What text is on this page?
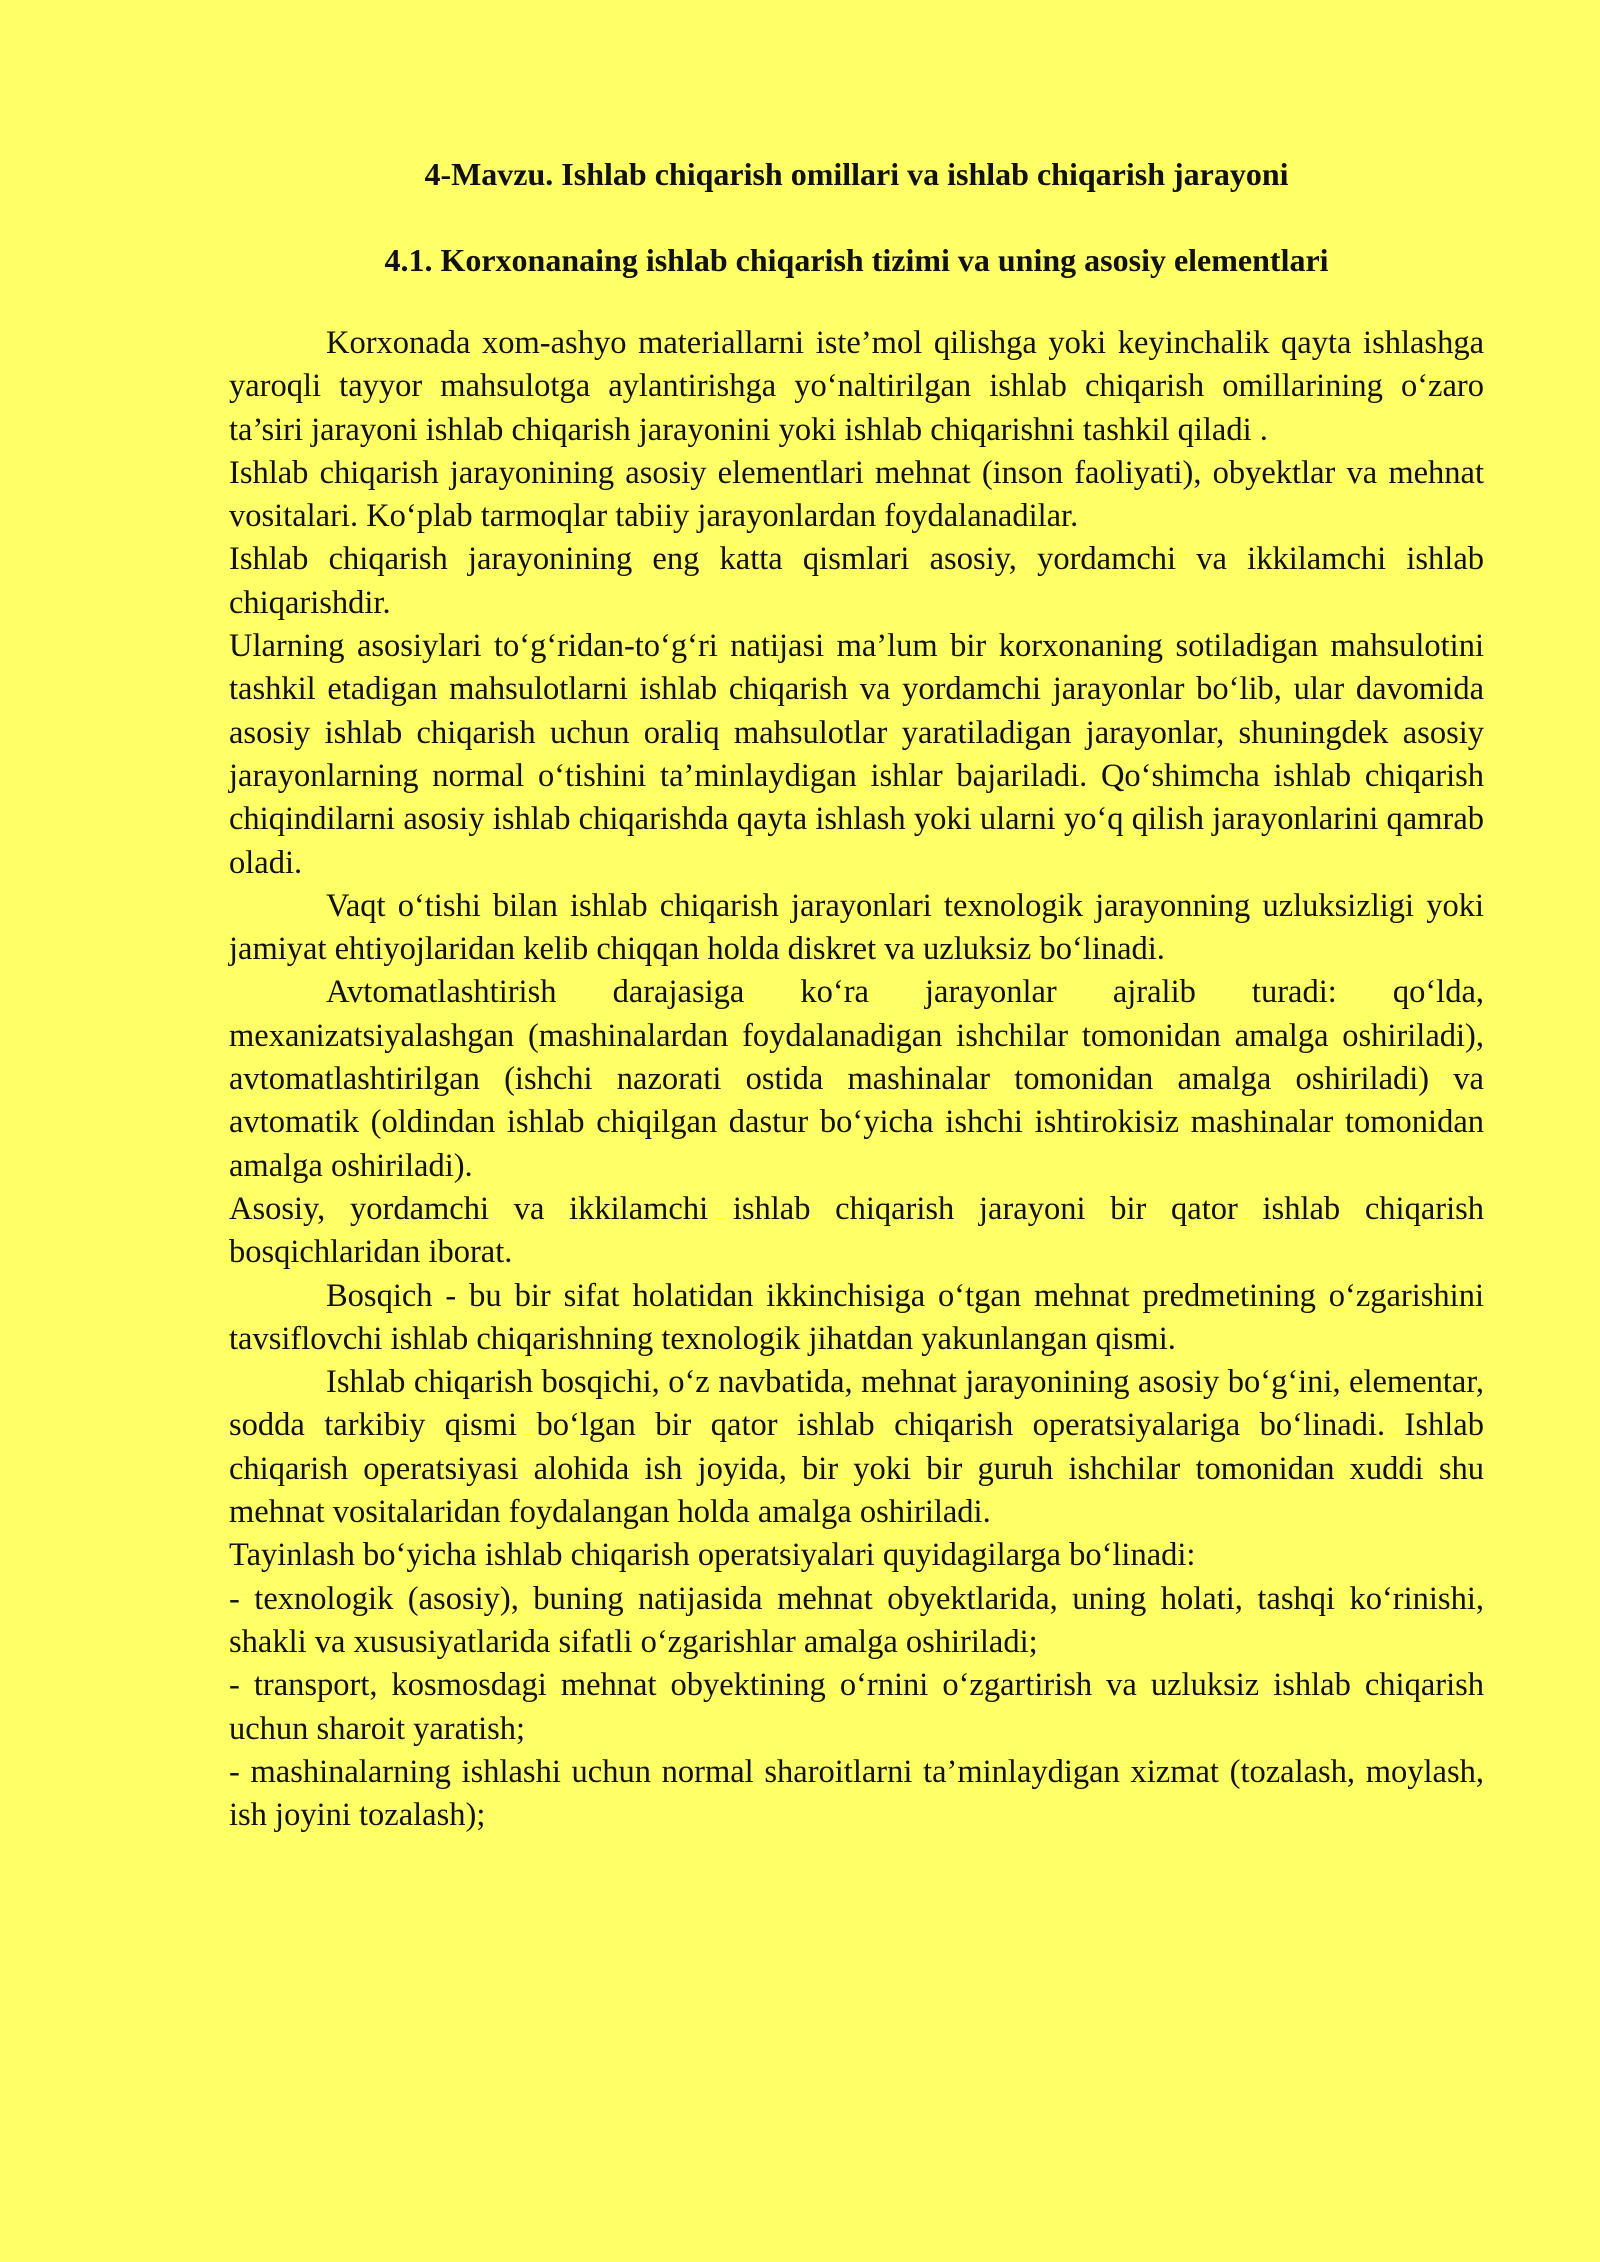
4-Mavzu. Ishlab chiqarish omillari va ishlab chiqarish jarayoni
4.1. Korxonanaing ishlab chiqarish tizimi va uning asosiy elementlari

Korxonada xom-ashyo materiallarni iste’mol qilishga yoki keyinchalik qayta ishlashga yaroqli tayyor mahsulotga aylantirishga yo‘naltirilgan ishlab chiqarish omillarining o‘zaro ta’siri jarayoni ishlab chiqarish jarayonini yoki ishlab chiqarishni tashkil qiladi .

Ishlab chiqarish jarayonining asosiy elementlari mehnat (inson faoliyati), obyektlar va mehnat vositalari. Ko‘plab tarmoqlar tabiiy jarayonlardan foydalanadilar.

Ishlab chiqarish jarayonining eng katta qismlari asosiy, yordamchi va ikkilamchi ishlab chiqarishdir.

Ularning asosiylari to‘g‘ridan-to‘g‘ri natijasi ma’lum bir korxonaning sotiladigan mahsulotini tashkil etadigan mahsulotlarni ishlab chiqarish va yordamchi jarayonlar bo‘lib, ular davomida asosiy ishlab chiqarish uchun oraliq mahsulotlar yaratiladigan jarayonlar, shuningdek asosiy jarayonlarning normal o‘tishini ta’minlaydigan ishlar bajariladi. Qo‘shimcha ishlab chiqarish chiqindilarni asosiy ishlab chiqarishda qayta ishlash yoki ularni yo‘q qilish jarayonlarini qamrab oladi.

Vaqt o‘tishi bilan ishlab chiqarish jarayonlari texnologik jarayonning uzluksizligi yoki jamiyat ehtiyojlaridan kelib chiqqan holda diskret va uzluksiz bo‘linadi.

Avtomatlashtirish darajasiga ko‘ra jarayonlar ajralib turadi: qo‘lda, mexanizatsiyalashgan (mashinalardan foydalanadigan ishchilar tomonidan amalga oshiriladi), avtomatlashtirilgan (ishchi nazorati ostida mashinalar tomonidan amalga oshiriladi) va avtomatik (oldindan ishlab chiqilgan dastur bo‘yicha ishchi ishtirokisiz mashinalar tomonidan amalga oshiriladi).

Asosiy, yordamchi va ikkilamchi ishlab chiqarish jarayoni bir qator ishlab chiqarish bosqichlaridan iborat.

Bosqich - bu bir sifat holatidan ikkinchisiga o‘tgan mehnat predmetining o‘zgarishini tavsiflovchi ishlab chiqarishning texnologik jihatdan yakunlangan qismi.

Ishlab chiqarish bosqichi, o‘z navbatida, mehnat jarayonining asosiy bo‘g‘ini, elementar, sodda tarkibiy qismi bo‘lgan bir qator ishlab chiqarish operatsiyalariga bo‘linadi. Ishlab chiqarish operatsiyasi alohida ish joyida, bir yoki bir guruh ishchilar tomonidan xuddi shu mehnat vositalaridan foydalangan holda amalga oshiriladi.

Tayinlash bo‘yicha ishlab chiqarish operatsiyalari quyidagilarga bo‘linadi:

- texnologik (asosiy), buning natijasida mehnat obyektlarida, uning holati, tashqi ko‘rinishi, shakli va xususiyatlarida sifatli o‘zgarishlar amalga oshiriladi;

- transport, kosmosdagi mehnat obyektining o‘rnini o‘zgartirish va uzluksiz ishlab chiqarish uchun sharoit yaratish;

- mashinalarning ishlashi uchun normal sharoitlarni ta’minlaydigan xizmat (tozalash, moylash, ish joyini tozalash);
